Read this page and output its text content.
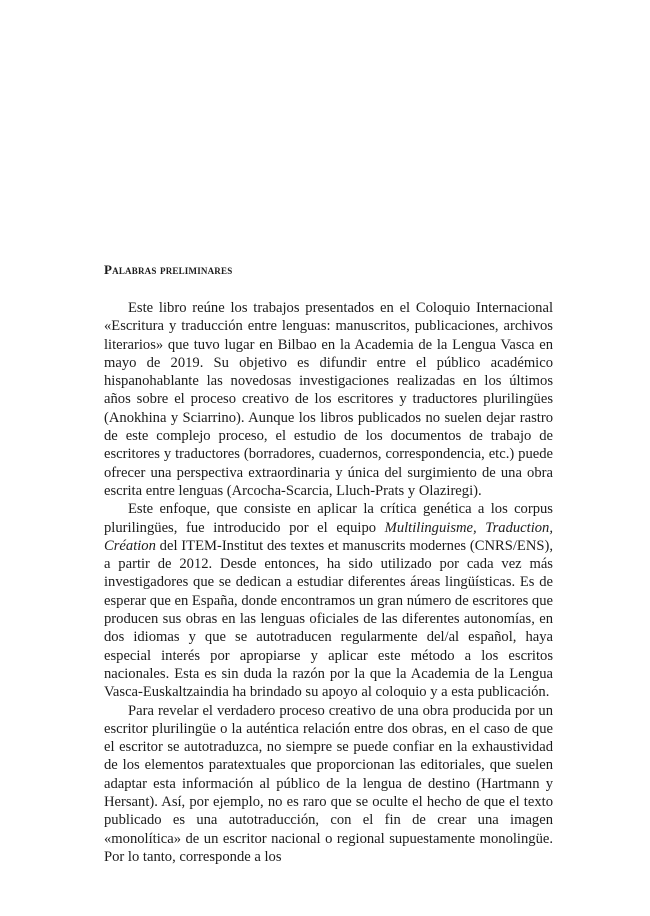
Palabras preliminares

Este libro reúne los trabajos presentados en el Coloquio Internacional «Escritura y traducción entre lenguas: manuscritos, publicaciones, archivos literarios» que tuvo lugar en Bilbao en la Academia de la Lengua Vasca en mayo de 2019. Su objetivo es difundir entre el público académico hispanohablante las novedosas investigaciones realizadas en los últimos años sobre el proceso creativo de los escritores y traductores plurilingües (Anokhina y Sciarrino). Aunque los libros publicados no suelen dejar rastro de este complejo proceso, el estudio de los documentos de trabajo de escritores y traductores (borradores, cuadernos, correspondencia, etc.) puede ofrecer una perspectiva extraordinaria y única del surgimiento de una obra escrita entre lenguas (Arcocha-Scarcia, Lluch-Prats y Olaziregi).

Este enfoque, que consiste en aplicar la crítica genética a los corpus plurilingües, fue introducido por el equipo Multilinguisme, Traduction, Création del ITEM-Institut des textes et manuscrits modernes (CNRS/ENS), a partir de 2012. Desde entonces, ha sido utilizado por cada vez más investigadores que se dedican a estudiar diferentes áreas lingüísticas. Es de esperar que en España, donde encontramos un gran número de escritores que producen sus obras en las lenguas oficiales de las diferentes autonomías, en dos idiomas y que se autotraducen regularmente del/al español, haya especial interés por apropiarse y aplicar este método a los escritos nacionales. Esta es sin duda la razón por la que la Academia de la Lengua Vasca-Euskaltzaindia ha brindado su apoyo al coloquio y a esta publicación.

Para revelar el verdadero proceso creativo de una obra producida por un escritor plurilingüe o la auténtica relación entre dos obras, en el caso de que el escritor se autotraduzca, no siempre se puede confiar en la exhaustividad de los elementos paratextuales que proporcionan las editoriales, que suelen adaptar esta información al público de la lengua de destino (Hartmann y Hersant). Así, por ejemplo, no es raro que se oculte el hecho de que el texto publicado es una autotraducción, con el fin de crear una imagen «monolítica» de un escritor nacional o regional supuestamente monolingüe. Por lo tanto, corresponde a los
